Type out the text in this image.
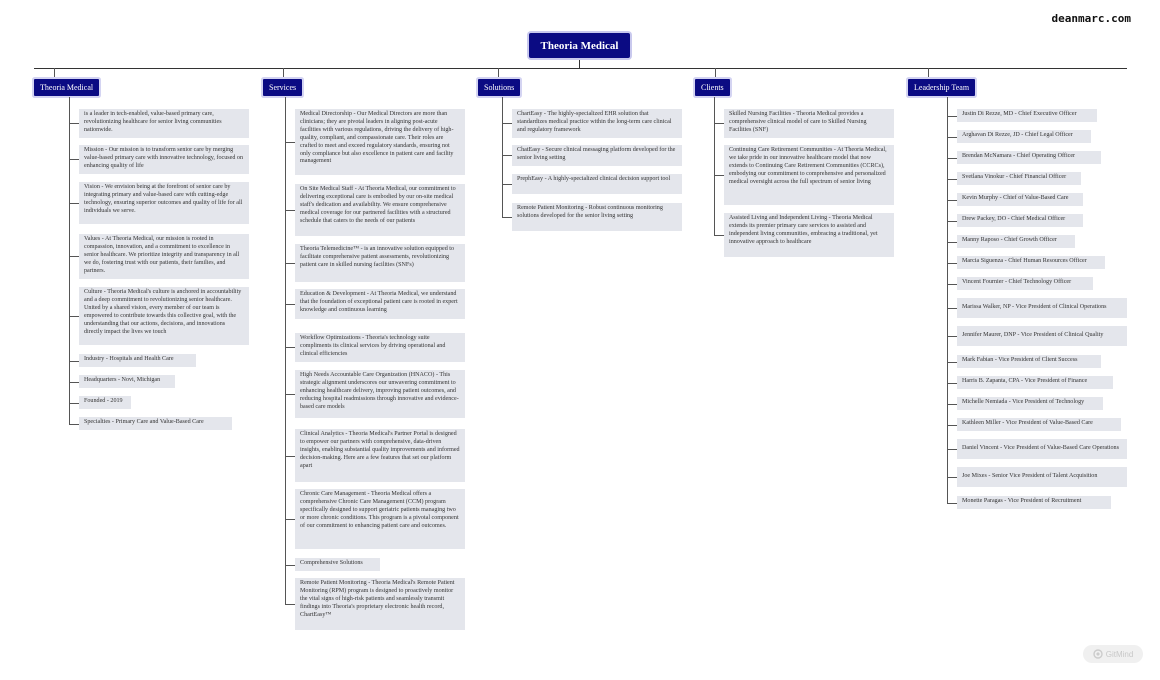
deanmarc.com
Theoria Medical
Theoria Medical
is a leader in tech-enabled, value-based primary care, revolutionizing healthcare for senior living communities nationwide.
Mission - Our mission is to transform senior care by merging value-based primary care with innovative technology, focused on enhancing quality of life
Vision - We envision being at the forefront of senior care by integrating primary and value-based care with cutting-edge technology, ensuring superior outcomes and quality of life for all individuals we serve.
Values - At Theoria Medical, our mission is rooted in compassion, innovation, and a commitment to excellence in senior healthcare. We prioritize integrity and transparency in all we do, fostering trust with our patients, their families, and partners.
Culture - Theoria Medical's culture is anchored in accountability and a deep commitment to revolutionizing senior healthcare. United by a shared vision, every member of our team is empowered to contribute towards this collective goal, with the understanding that our actions, decisions, and innovations directly impact the lives we touch
Industry - Hospitals and Health Care
Headquarters - Novi, Michigan
Founded - 2019
Specialties - Primary Care and Value-Based Care
Services
Medical Directorship - Our Medical Directors are more than clinicians; they are pivotal leaders in aligning post-acute facilities with various regulations, driving the delivery of high-quality, compliant, and compassionate care. Their roles are crafted to meet and exceed regulatory standards, ensuring not only compliance but also excellence in patient care and facility management
On Site Medical Staff - At Theoria Medical, our commitment to delivering exceptional care is embodied by our on-site medical staff's dedication and availability. We ensure comprehensive medical coverage for our partnered facilities with a structured schedule that caters to the needs of our patients
Theoria Telemedicine™ - is an innovative solution equipped to facilitate comprehensive patient assessments, revolutionizing patient care in skilled nursing facilities (SNFs)
Education & Development - At Theoria Medical, we understand that the foundation of exceptional patient care is rooted in expert knowledge and continuous learning
Workflow Optimizations - Theoria's technology suite compliments its clinical services by driving operational and clinical efficiencies
High Needs Accountable Care Organization (HNACO) - This strategic alignment underscores our unwavering commitment to enhancing healthcare delivery, improving patient outcomes, and reducing hospital readmissions through innovative and evidence-based care models
Clinical Analytics - Theoria Medical's Partner Portal is designed to empower our partners with comprehensive, data-driven insights, enabling substantial quality improvements and informed decision-making. Here are a few features that set our platform apart
Chronic Care Management - Theoria Medical offers a comprehensive Chronic Care Management (CCM) program specifically designed to support geriatric patients managing two or more chronic conditions. This program is a pivotal component of our commitment to enhancing patient care and outcomes.
Comprehensive Solutions
Remote Patient Monitoring - Theoria Medical's Remote Patient Monitoring (RPM) program is designed to proactively monitor the vital signs of high-risk patients and seamlessly transmit findings into Theoria's proprietary electronic health record, ChartEasy™
Solutions
ChartEasy - The highly-specialized EHR solution that standardizes medical practice within the long-term care clinical and regulatory framework
ChatEasy - Secure clinical messaging platform developed for the senior living setting
PrephEasy - A highly-specialized clinical decision support tool
Remote Patient Monitoring - Robust continuous monitoring solutions developed for the senior living setting
Clients
Skilled Nursing Facilities - Theoria Medical provides a comprehensive clinical model of care to Skilled Nursing Facilities (SNF)
Continuing Care Retirement Communities - At Theoria Medical, we take pride in our innovative healthcare model that now extends to Continuing Care Retirement Communities (CCRCs), embodying our commitment to comprehensive and personalized medical oversight across the full spectrum of senior living
Assisted Living and Independent Living - Theoria Medical extends its premier primary care services to assisted and independent living communities, embracing a traditional, yet innovative approach to healthcare
Leadership Team
Justin Di Rezze, MD - Chief Executive Officer
Arghavan Di Rezze, JD - Chief Legal Officer
Brendan McNamara - Chief Operating Officer
Svetlana Vinokur - Chief Financial Officer
Kevin Murphy - Chief of Value-Based Care
Drew Packey, DO - Chief Medical Officer
Manny Raposo - Chief Growth Officer
Marcia Siguenza - Chief Human Resources Officer
Vincent Fournier - Chief Technology Officer
Marissa Walker, NP - Vice President of Clinical Operations
Jennifer Maurer, DNP - Vice President of Clinical Quality
Mark Fabian - Vice President of Client Success
Harris B. Zapanta, CPA - Vice President of Finance
Michelle Nemiada - Vice President of Technology
Kathleen Miller - Vice President of Value-Based Care
Daniel Vincent - Vice President of Value-Based Care Operations
Joe Mixes - Senior Vice President of Talent Acquisition
Monette Paragas - Vice President of Recruitment
GitMind
